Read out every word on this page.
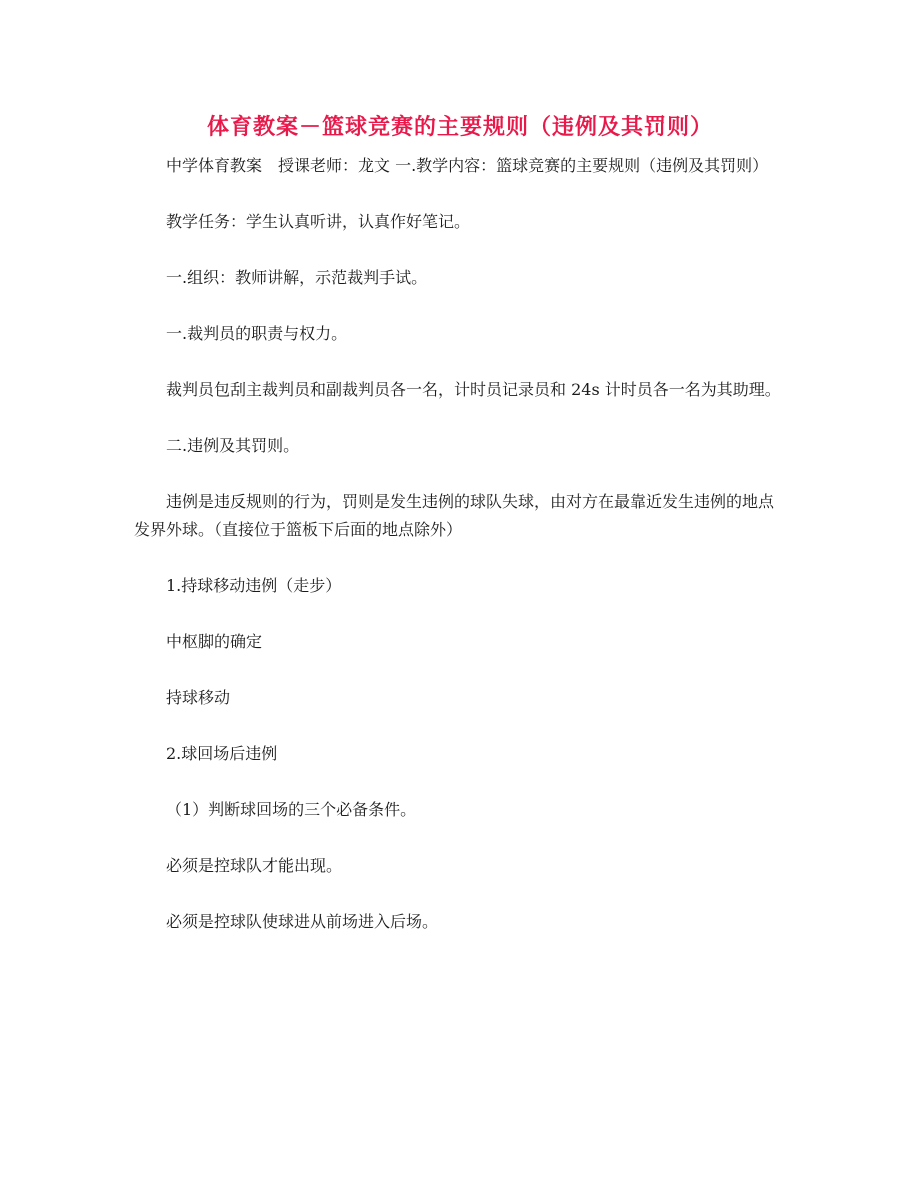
体育教案－篮球竞赛的主要规则（违例及其罚则）

中学体育教案　授课老师：龙文 一.教学内容：篮球竞赛的主要规则（违例及其罚则）

教学任务：学生认真听讲，认真作好笔记。

一.组织：教师讲解，示范裁判手试。

一.裁判员的职责与权力。

裁判员包刮主裁判员和副裁判员各一名，计时员记录员和 24s 计时员各一名为其助理。

二.违例及其罚则。

违例是违反规则的行为，罚则是发生违例的球队失球，由对方在最靠近发生违例的地点发界外球。（直接位于篮板下后面的地点除外）

1.持球移动违例（走步）

中枢脚的确定

持球移动

2.球回场后违例

（1）判断球回场的三个必备条件。

必须是控球队才能出现。

必须是控球队使球进从前场进入后场。
